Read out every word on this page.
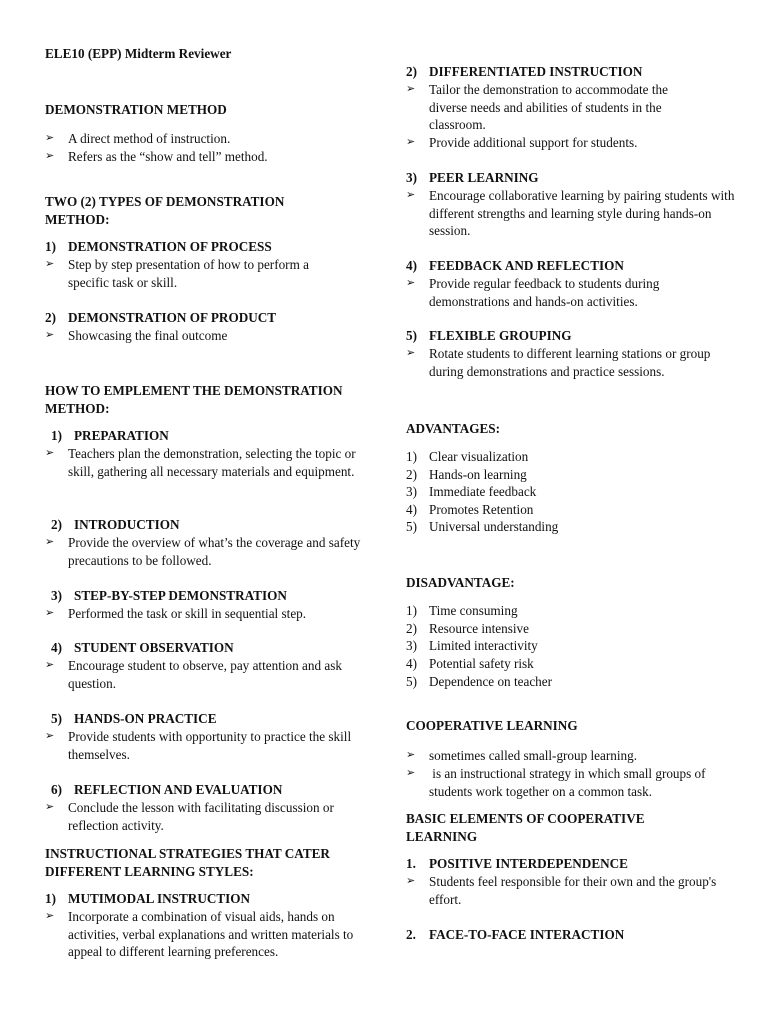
ELE10 (EPP) Midterm Reviewer
DEMONSTRATION METHOD
➢	A direct method of instruction.
➢	Refers as the “show and tell” method.
TWO (2) TYPES OF DEMONSTRATION METHOD:
1) DEMONSTRATION OF PROCESS
➢	Step by step presentation of how to perform a specific task or skill.
2) DEMONSTRATION OF PRODUCT
➢	Showcasing the final outcome
HOW TO EMPLEMENT THE DEMONSTRATION METHOD:
1) PREPARATION
➢	Teachers plan the demonstration, selecting the topic or skill, gathering all necessary materials and equipment.
2) INTRODUCTION
➢	Provide the overview of what’s the coverage and safety precautions to be followed.
3) STEP-BY-STEP DEMONSTRATION
➢	Performed the task or skill in sequential step.
4) STUDENT OBSERVATION
➢	Encourage student to observe, pay attention and ask question.
5) HANDS-ON PRACTICE
➢	Provide students with opportunity to practice the skill themselves.
6) REFLECTION AND EVALUATION
➢	Conclude the lesson with facilitating discussion or reflection activity.
INSTRUCTIONAL STRATEGIES THAT CATER DIFFERENT LEARNING STYLES:
1) MUTIMODAL INSTRUCTION
➢	Incorporate a combination of visual aids, hands on activities, verbal explanations and written materials to appeal to different learning preferences.
2) DIFFERENTIATED INSTRUCTION
➢	Tailor the demonstration to accommodate the diverse needs and abilities of students in the classroom.
➢	Provide additional support for students.
3) PEER LEARNING
➢	Encourage collaborative learning by pairing students with different strengths and learning style during hands-on session.
4) FEEDBACK AND REFLECTION
➢	Provide regular feedback to students during demonstrations and hands-on activities.
5) FLEXIBLE GROUPING
➢	Rotate students to different learning stations or group during demonstrations and practice sessions.
ADVANTAGES:
1) Clear visualization
2) Hands-on learning
3) Immediate feedback
4) Promotes Retention
5) Universal understanding
DISADVANTAGE:
1) Time consuming
2) Resource intensive
3) Limited interactivity
4) Potential safety risk
5) Dependence on teacher
COOPERATIVE LEARNING
➢	sometimes called small-group learning.
➢	is an instructional strategy in which small groups of students work together on a common task.
BASIC ELEMENTS OF COOPERATIVE LEARNING
1. POSITIVE INTERDEPENDENCE
➢	Students feel responsible for their own and the group's effort.
2. FACE-TO-FACE INTERACTION
